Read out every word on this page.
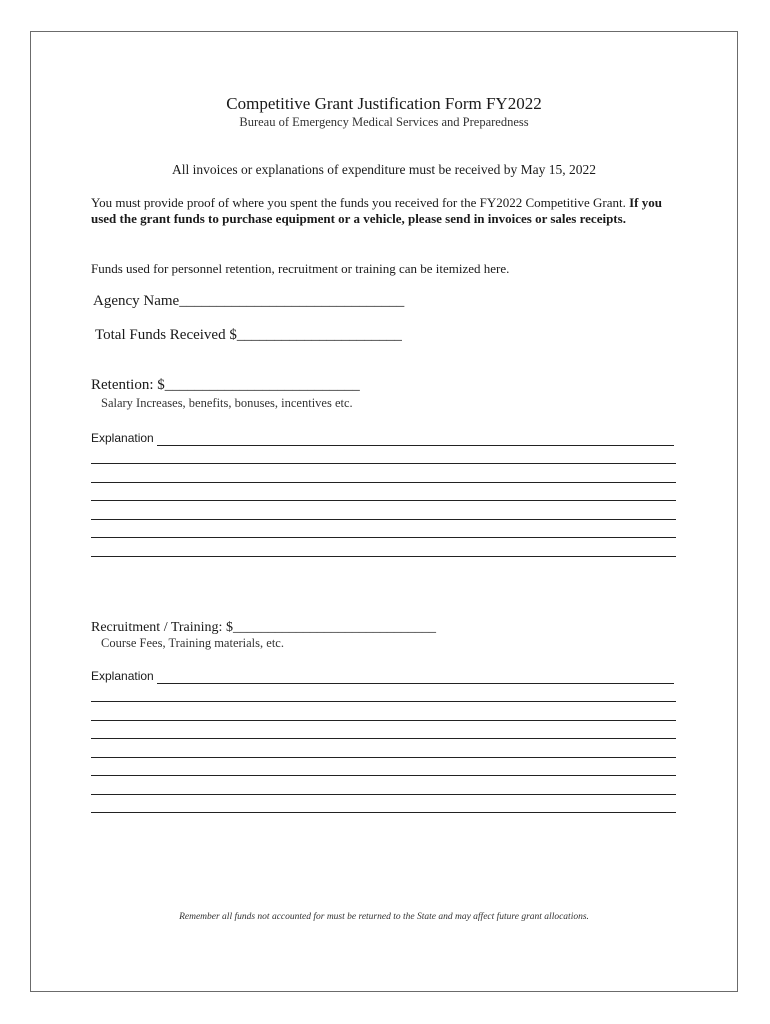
Competitive Grant Justification Form FY2022
Bureau of Emergency Medical Services and Preparedness
All invoices or explanations of expenditure must be received by May 15, 2022
You must provide proof of where you spent the funds you received for the FY2022 Competitive Grant. If you used the grant funds to purchase equipment or a vehicle, please send in invoices or sales receipts.
Funds used for personnel retention, recruitment or training can be itemized here.
Agency Name______________________________
Total Funds Received $______________________
Retention: $__________________________
Salary Increases, benefits, bonuses, incentives etc.
Explanation
Recruitment / Training: $_____________________________
Course Fees, Training materials, etc.
Explanation
Remember all funds not accounted for must be returned to the State and may affect future grant allocations.
